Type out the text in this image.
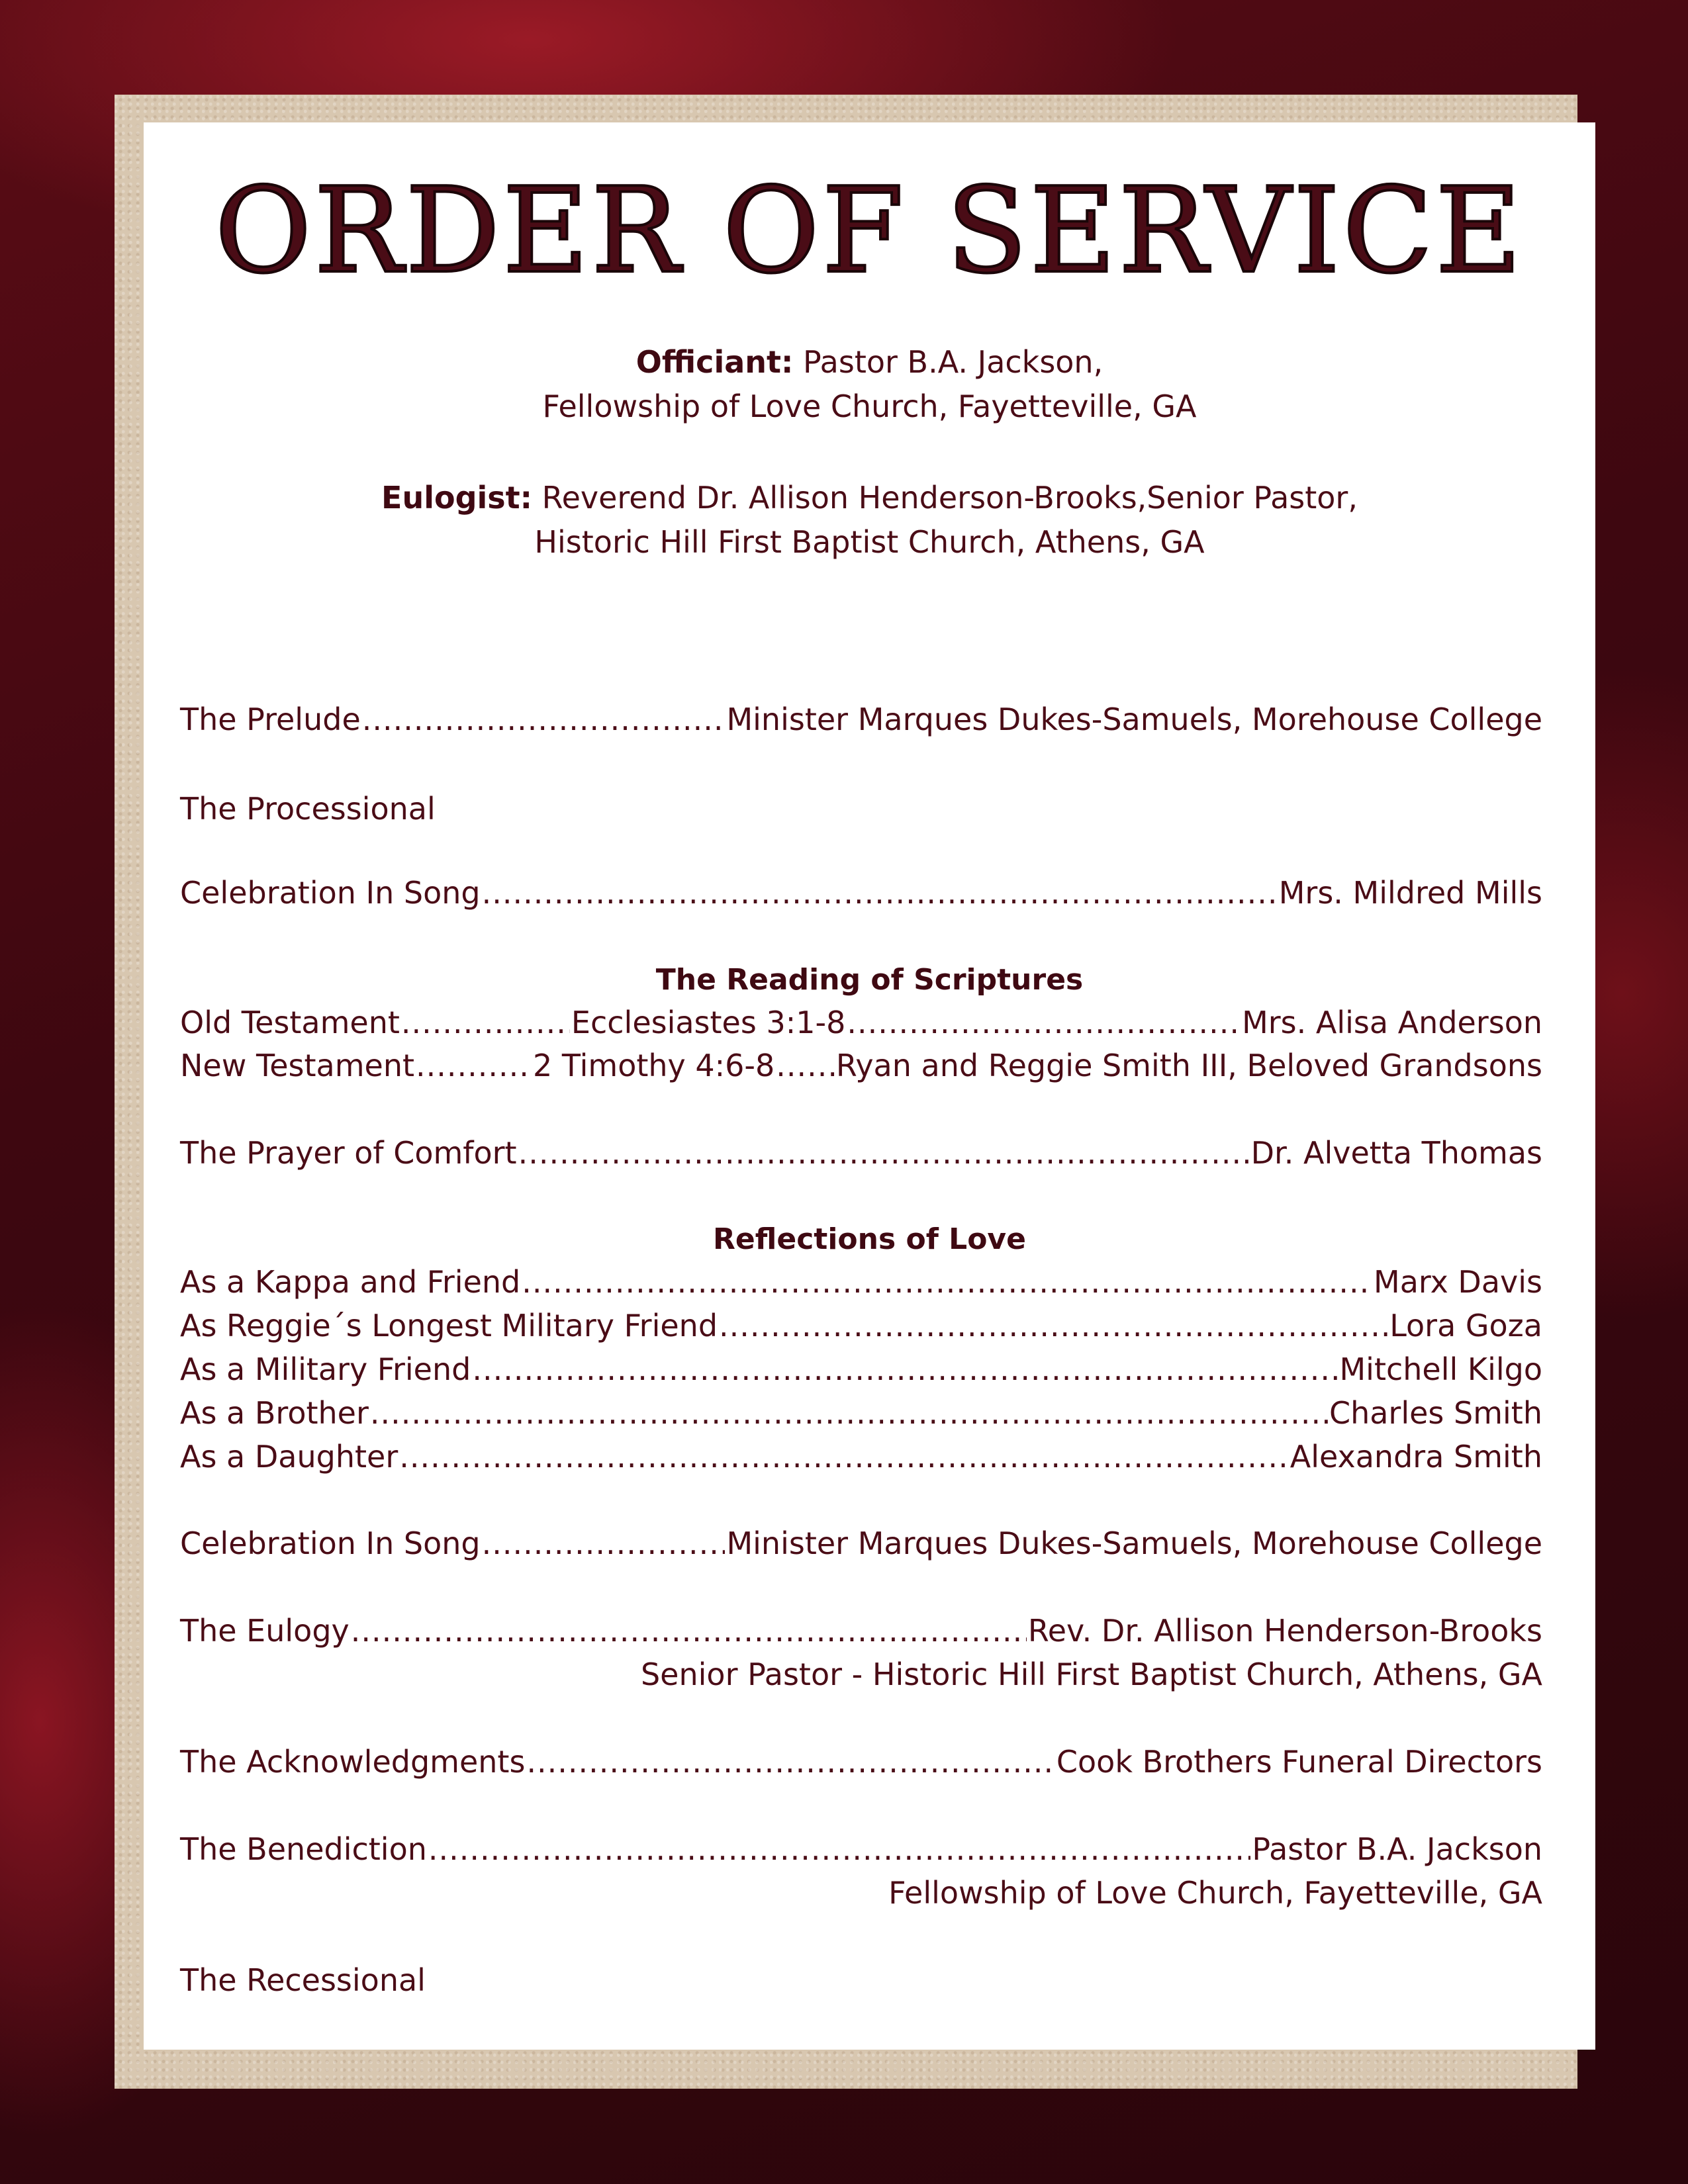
ORDER OF SERVICE
Officiant: Pastor B.A. Jackson,
Fellowship of Love Church, Fayetteville, GA
Eulogist: Reverend Dr. Allison Henderson-Brooks,Senior Pastor,
Historic Hill First Baptist Church, Athens, GA
The Prelude .....	Minister Marques Dukes-Samuels, Morehouse College
The Processional
Celebration In Song .....	Mrs. Mildred Mills
The Reading of Scriptures
Old Testament .....	Ecclesiastes 3:1-8 .....	Mrs. Alisa Anderson
New Testament .....	2 Timothy 4:6-8 ..... Ryan and Reggie Smith III, Beloved Grandsons
The Prayer of Comfort .....	Dr. Alvetta Thomas
Reflections of Love
As a Kappa and Friend .....	Marx Davis
As Reggie´s Longest Military Friend .....	Lora Goza
As a Military Friend .....	Mitchell Kilgo
As a Brother .....	Charles Smith
As a Daughter .....	Alexandra Smith
Celebration In Song .....	Minister Marques Dukes-Samuels, Morehouse College
The Eulogy .....	Rev. Dr. Allison Henderson-Brooks
Senior Pastor - Historic Hill First Baptist Church, Athens, GA
The Acknowledgments .....	Cook Brothers Funeral Directors
The Benediction .....	Pastor B.A. Jackson
Fellowship of Love Church, Fayetteville, GA
The Recessional
